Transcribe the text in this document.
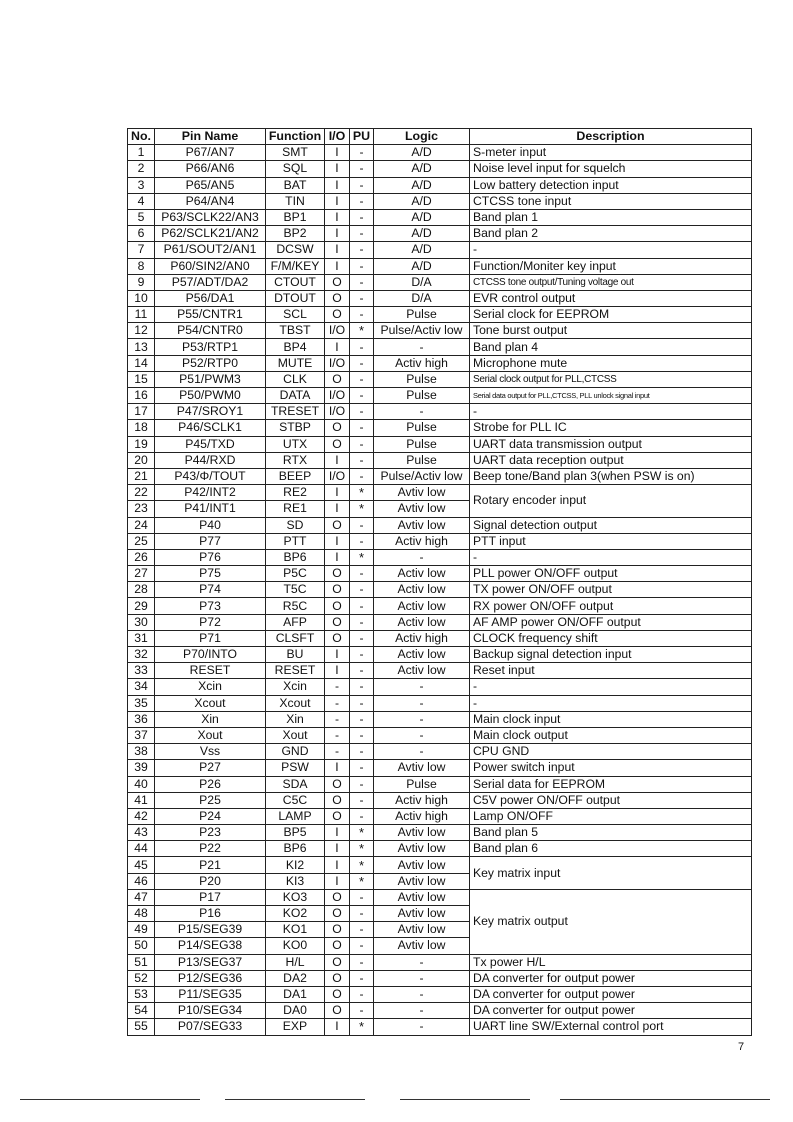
No.	Pin Name	Function	I/O	PU	Logic	Description
1	P67/AN7	SMT	I	-	A/D	S-meter input
2	P66/AN6	SQL	I	-	A/D	Noise level input for squelch
3	P65/AN5	BAT	I	-	A/D	Low battery detection input
4	P64/AN4	TIN	I	-	A/D	CTCSS tone input
5	P63/SCLK22/AN3	BP1	I	-	A/D	Band plan 1
6	P62/SCLK21/AN2	BP2	I	-	A/D	Band plan 2
7	P61/SOUT2/AN1	DCSW	I	-	A/D	-
8	P60/SIN2/AN0	F/M/KEY	I	-	A/D	Function/Moniter key input
9	P57/ADT/DA2	CTOUT	O	-	D/A	CTCSS tone output/Tuning voltage out
10	P56/DA1	DTOUT	O	-	D/A	EVR control output
11	P55/CNTR1	SCL	O	-	Pulse	Serial clock for EEPROM
12	P54/CNTR0	TBST	I/O	*	Pulse/Activ low	Tone burst output
13	P53/RTP1	BP4	I	-	-	Band plan 4
14	P52/RTP0	MUTE	I/O	-	Activ high	Microphone mute
15	P51/PWM3	CLK	O	-	Pulse	Serial clock output for PLL,CTCSS
16	P50/PWM0	DATA	I/O	-	Pulse	Serial data output for PLL,CTCSS, PLL unlock signal input
17	P47/SROY1	TRESET	I/O	-	-	-
18	P46/SCLK1	STBP	O	-	Pulse	Strobe for PLL IC
19	P45/TXD	UTX	O	-	Pulse	UART data transmission output
20	P44/RXD	RTX	I	-	Pulse	UART data reception output
21	P43/Φ/TOUT	BEEP	I/O	-	Pulse/Activ low	Beep tone/Band plan 3(when PSW is on)
22	P42/INT2	RE2	I	*	Avtiv low	Rotary encoder input
23	P41/INT1	RE1	I	*	Avtiv low	
24	P40	SD	O	-	Avtiv low	Signal detection output
25	P77	PTT	I	-	Activ high	PTT input
26	P76	BP6	I	*	-	-
27	P75	P5C	O	-	Activ low	PLL power ON/OFF output
28	P74	T5C	O	-	Activ low	TX power ON/OFF output
29	P73	R5C	O	-	Activ low	RX power ON/OFF output
30	P72	AFP	O	-	Activ low	AF AMP power ON/OFF output
31	P71	CLSFT	O	-	Activ high	CLOCK frequency shift
32	P70/INTO	BU	I	-	Activ low	Backup signal detection input
33	RESET	RESET	I	-	Activ low	Reset input
34	Xcin	Xcin	-	-	-	-
35	Xcout	Xcout	-	-	-	-
36	Xin	Xin	-	-	-	Main clock input
37	Xout	Xout	-	-	-	Main clock output
38	Vss	GND	-	-	-	CPU GND
39	P27	PSW	I	-	Avtiv low	Power switch input
40	P26	SDA	O	-	Pulse	Serial data for EEPROM
41	P25	C5C	O	-	Activ high	C5V power ON/OFF output
42	P24	LAMP	O	-	Activ high	Lamp ON/OFF
43	P23	BP5	I	*	Avtiv low	Band plan 5
44	P22	BP6	I	*	Avtiv low	Band plan 6
45	P21	KI2	I	*	Avtiv low	Key matrix input
46	P20	KI3	I	*	Avtiv low	
47	P17	KO3	O	-	Avtiv low	Key matrix output
48	P16	KO2	O	-	Avtiv low	
49	P15/SEG39	KO1	O	-	Avtiv low	
50	P14/SEG38	KO0	O	-	Avtiv low	
51	P13/SEG37	H/L	O	-	-	Tx power H/L
52	P12/SEG36	DA2	O	-	-	DA converter for output power
53	P11/SEG35	DA1	O	-	-	DA converter for output power
54	P10/SEG34	DA0	O	-	-	DA converter for output power
55	P07/SEG33	EXP	I	*	-	UART line SW/External control port
7
